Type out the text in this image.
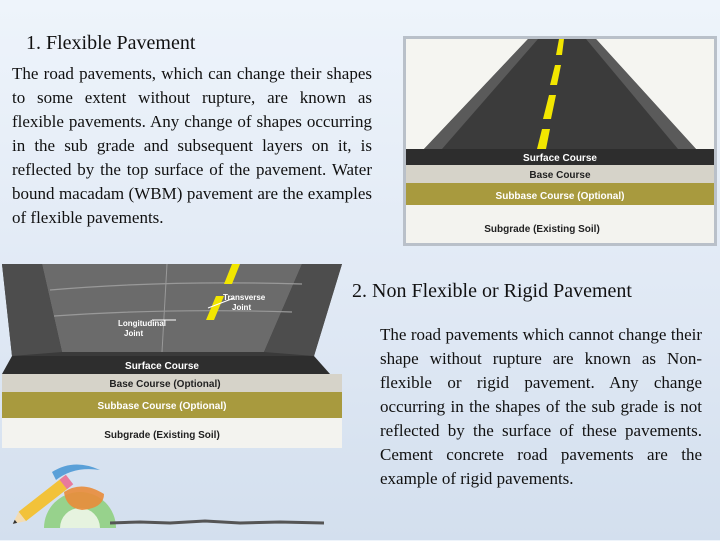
1. Flexible Pavement
The road pavements, which can change their shapes to some extent without rupture, are known as flexible pavements. Any change of shapes occurring in the sub grade and subsequent layers on it, is reflected by the top surface of the pavement. Water bound macadam (WBM) pavement are the examples of flexible pavements.
Surface Course
Base Course
Subbase Course (Optional)
Subgrade (Existing Soil)
Transverse
Joint
Longitudinal
Joint
Surface Course
Base Course (Optional)
Subbase Course (Optional)
Subgrade (Existing Soil)
2. Non Flexible or Rigid Pavement
The road pavements which cannot change their shape without rupture are known as Non-flexible or rigid pavement. Any change occurring in the shapes of the sub grade is not reflected by the surface of these pavements. Cement concrete road pavements are the example of rigid pavements.
